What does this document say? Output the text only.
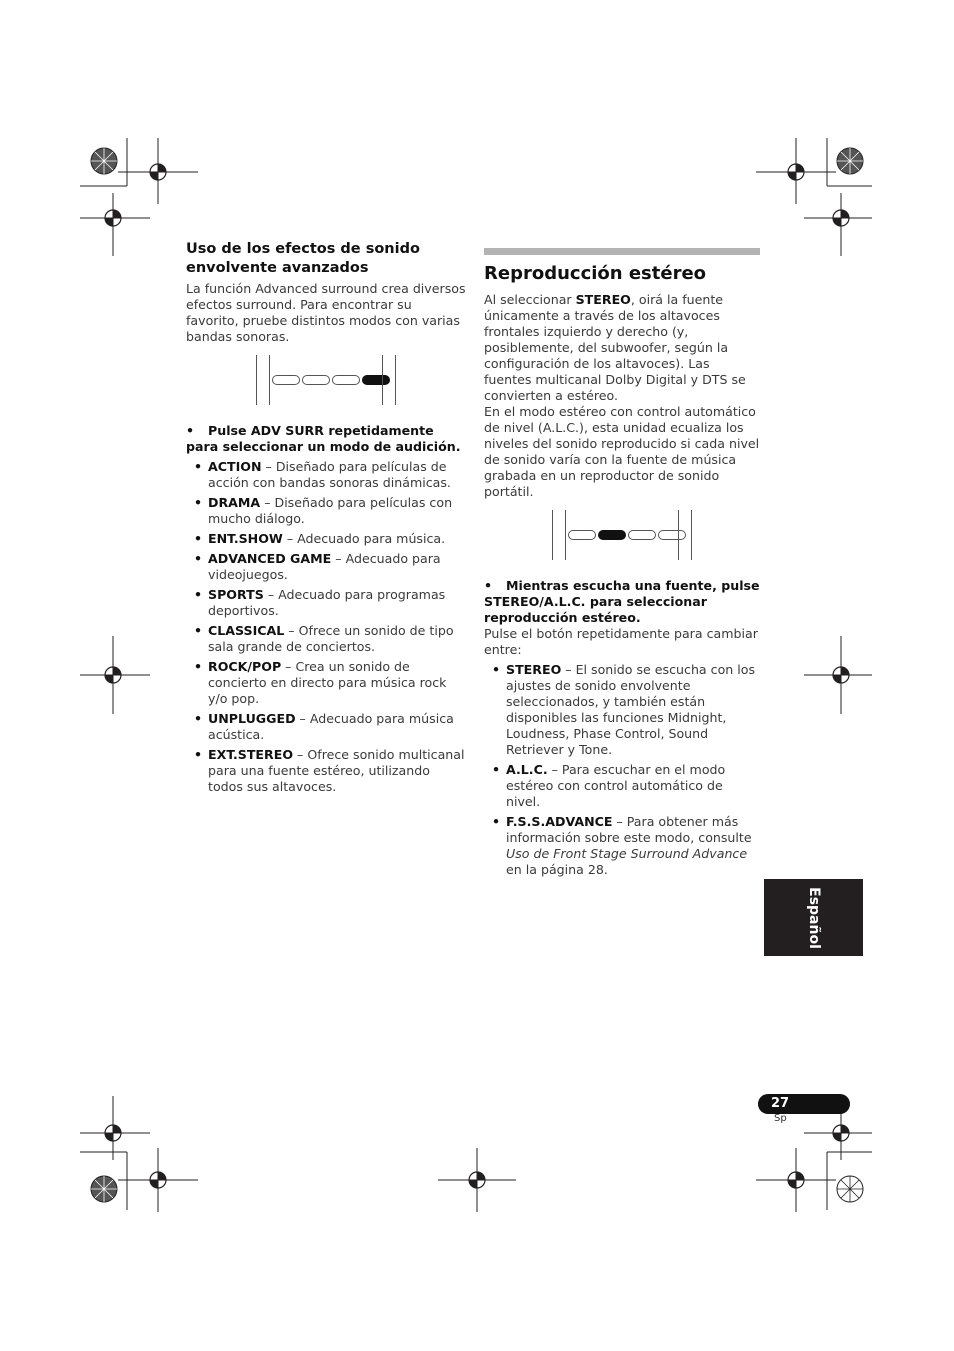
Uso de los efectos de sonido envolvente avanzados

La función Advanced surround crea diversos efectos surround. Para encontrar su favorito, pruebe distintos modos con varias bandas sonoras.

• Pulse ADV SURR repetidamente para seleccionar un modo de audición.

• ACTION – Diseñado para películas de acción con bandas sonoras dinámicas.
• DRAMA – Diseñado para películas con mucho diálogo.
• ENT.SHOW – Adecuado para música.
• ADVANCED GAME – Adecuado para videojuegos.
• SPORTS – Adecuado para programas deportivos.
• CLASSICAL – Ofrece un sonido de tipo sala grande de conciertos.
• ROCK/POP – Crea un sonido de concierto en directo para música rock y/o pop.
• UNPLUGGED – Adecuado para música acústica.
• EXT.STEREO – Ofrece sonido multicanal para una fuente estéreo, utilizando todos sus altavoces.
Reproducción estéreo

Al seleccionar STEREO, oirá la fuente únicamente a través de los altavoces frontales izquierdo y derecho (y, posiblemente, del subwoofer, según la configuración de los altavoces). Las fuentes multicanal Dolby Digital y DTS se convierten a estéreo.

En el modo estéreo con control automático de nivel (A.L.C.), esta unidad ecualiza los niveles del sonido reproducido si cada nivel de sonido varía con la fuente de música grabada en un reproductor de sonido portátil.

• Mientras escucha una fuente, pulse STEREO/A.L.C. para seleccionar reproducción estéreo.

Pulse el botón repetidamente para cambiar entre:

• STEREO – El sonido se escucha con los ajustes de sonido envolvente seleccionados, y también están disponibles las funciones Midnight, Loudness, Phase Control, Sound Retriever y Tone.
• A.L.C. – Para escuchar en el modo estéreo con control automático de nivel.
• F.S.S.ADVANCE – Para obtener más información sobre este modo, consulte Uso de Front Stage Surround Advance en la página 28.
Español
27
Sp
